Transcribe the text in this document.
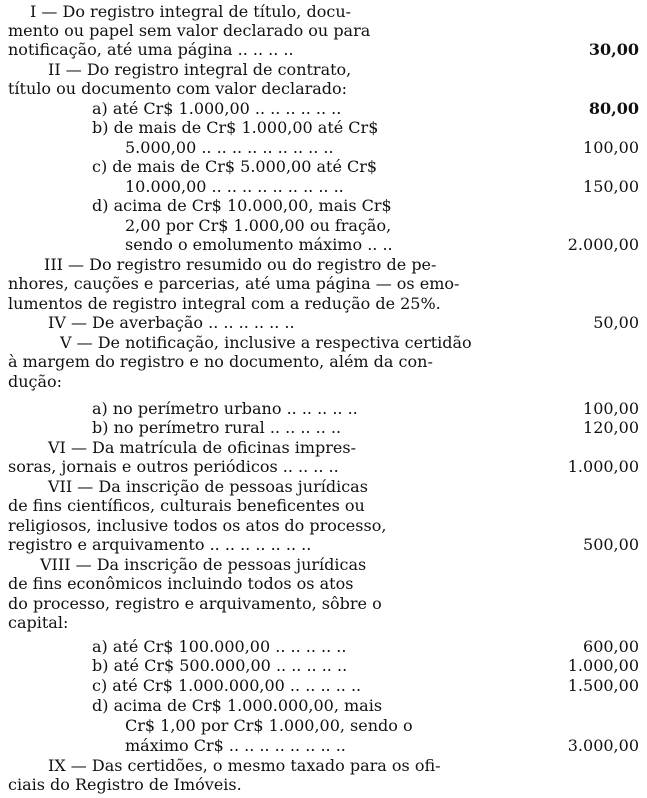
I — Do registro integral de título, docu-
mento ou papel sem valor declarado ou para
notificação, até uma página .. .. .. ..	30,00
II — Do registro integral de contrato,
título ou documento com valor declarado:
a) até Cr$ 1.000,00 .. .. .. .. .. ..	80,00
b) de mais de Cr$ 1.000,00 até Cr$
5.000,00 .. .. .. .. .. .. .. .. ..	100,00
c) de mais de Cr$ 5.000,00 até Cr$
10.000,00 .. .. .. .. .. .. .. .. ..	150,00
d) acima de Cr$ 10.000,00, mais Cr$
2,00 por Cr$ 1.000,00 ou fração,
sendo o emolumento máximo .. ..	2.000,00
III — Do registro resumido ou do registro de pe-
nhores, cauções e parcerias, até uma página — os emo-
lumentos de registro integral com a redução de 25%.
IV — De averbação .. .. .. .. .. ..	50,00
V — De notificação, inclusive a respectiva certidão
à margem do registro e no documento, além da con-
dução:
a) no perímetro urbano .. .. .. .. ..	100,00
b) no perímetro rural .. .. .. .. ..	120,00
VI — Da matrícula de oficinas impres-
soras, jornais e outros periódicos .. .. .. ..	1.000,00
VII — Da inscrição de pessoas jurídicas
de fins científicos, culturais beneficentes ou
religiosos, inclusive todos os atos do processo,
registro e arquivamento .. .. .. .. .. .. ..	500,00
VIII — Da inscrição de pessoas jurídicas
de fins econômicos incluindo todos os atos
do processo, registro e arquivamento, sôbre o
capital:
a) até Cr$ 100.000,00 .. .. .. .. ..	600,00
b) até Cr$ 500.000,00 .. .. .. .. ..	1.000,00
c) até Cr$ 1.000.000,00 .. .. .. .. ..	1.500,00
d) acima de Cr$ 1.000.000,00, mais
Cr$ 1,00 por Cr$ 1.000,00, sendo o
máximo Cr$ .. .. .. .. .. .. .. ..	3.000,00
IX — Das certidões, o mesmo taxado para os ofi-
ciais do Registro de Imóveis.
